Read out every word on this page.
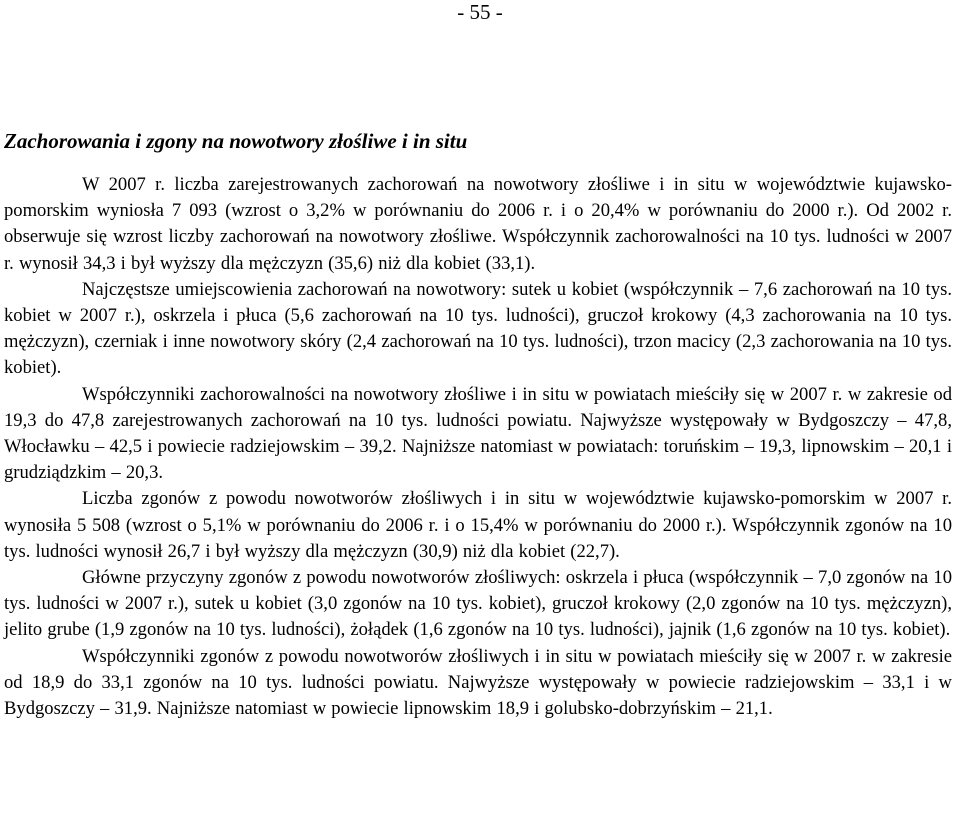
- 55 -
Zachorowania i zgony na nowotwory złośliwe i in situ

W 2007 r. liczba zarejestrowanych zachorowań na nowotwory złośliwe i in situ w województwie kujawsko-pomorskim wyniosła 7 093 (wzrost o 3,2% w porównaniu do 2006 r. i o 20,4% w porównaniu do 2000 r.). Od 2002 r. obserwuje się wzrost liczby zachorowań na nowotwory złośliwe. Współczynnik zachorowalności na 10 tys. ludności w 2007 r. wynosił 34,3 i był wyższy dla mężczyzn (35,6) niż dla kobiet (33,1).

Najczęstsze umiejscowienia zachorowań na nowotwory: sutek u kobiet (współczynnik – 7,6 zachorowań na 10 tys. kobiet w 2007 r.), oskrzela i płuca (5,6 zachorowań na 10 tys. ludności), gruczoł krokowy (4,3 zachorowania na 10 tys. mężczyzn), czerniak i inne nowotwory skóry (2,4 zachorowań na 10 tys. ludności), trzon macicy (2,3 zachorowania na 10 tys. kobiet).

Współczynniki zachorowalności na nowotwory złośliwe i in situ w powiatach mieściły się w 2007 r. w zakresie od 19,3 do 47,8 zarejestrowanych zachorowań na 10 tys. ludności powiatu. Najwyższe występowały w Bydgoszczy – 47,8, Włocławku – 42,5 i powiecie radziejowskim – 39,2. Najniższe natomiast w powiatach: toruńskim – 19,3, lipnowskim – 20,1 i grudziądzkim – 20,3.

Liczba zgonów z powodu nowotworów złośliwych i in situ w województwie kujawsko-pomorskim w 2007 r. wynosiła 5 508 (wzrost o 5,1% w porównaniu do 2006 r. i o 15,4% w porównaniu do 2000 r.). Współczynnik zgonów na 10 tys. ludności wynosił 26,7 i był wyższy dla mężczyzn (30,9) niż dla kobiet (22,7).

Główne przyczyny zgonów z powodu nowotworów złośliwych: oskrzela i płuca (współczynnik – 7,0 zgonów na 10 tys. ludności w 2007 r.), sutek u kobiet (3,0 zgonów na 10 tys. kobiet), gruczoł krokowy (2,0 zgonów na 10 tys. mężczyzn), jelito grube (1,9 zgonów na 10 tys. ludności), żołądek (1,6 zgonów na 10 tys. ludności), jajnik (1,6 zgonów na 10 tys. kobiet).

Współczynniki zgonów z powodu nowotworów złośliwych i in situ w powiatach mieściły się w 2007 r. w zakresie od 18,9 do 33,1 zgonów na 10 tys. ludności powiatu. Najwyższe występowały w powiecie radziejowskim – 33,1 i w Bydgoszczy – 31,9. Najniższe natomiast w powiecie lipnowskim 18,9 i golubsko-dobrzyńskim – 21,1.
